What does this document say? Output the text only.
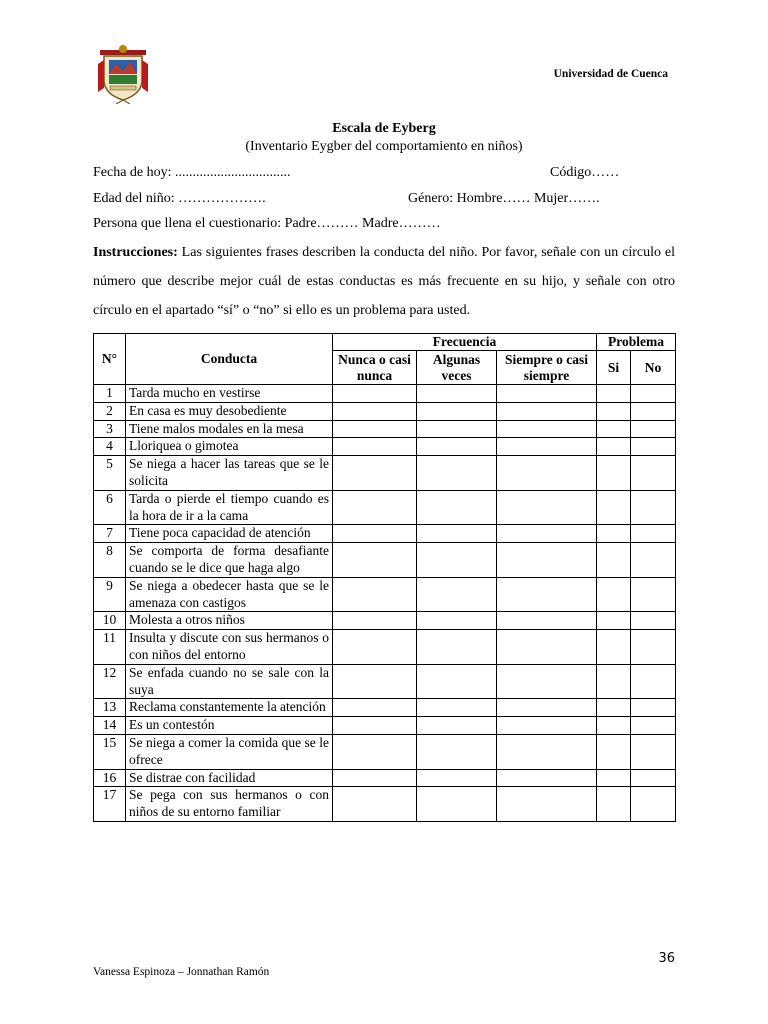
Universidad de Cuenca
Escala de Eyberg
(Inventario Eygber del comportamiento en niños)
Fecha de hoy: .................................	Código……
Edad del niño: ……………….	Género: Hombre…… Mujer…….
Persona que llena el cuestionario: Padre……… Madre………
Instrucciones: Las siguientes frases describen la conducta del niño. Por favor, señale con un círculo el número que describe mejor cuál de estas conductas es más frecuente en su hijo, y señale con otro círculo en el apartado “sí” o “no” si ello es un problema para usted.
N°	Conducta	Frecuencia			Problema	
		Nunca o casi nunca	Algunas veces	Siempre o casi siempre	Si	No
1	Tarda mucho en vestirse					
2	En casa es muy desobediente					
3	Tiene malos modales en la mesa					
4	Lloriquea o gimotea					
5	Se niega a hacer las tareas que se le solicita					
6	Tarda o pierde el tiempo cuando es la hora de ir a la cama					
7	Tiene poca capacidad de atención					
8	Se comporta de forma desafiante cuando se le dice que haga algo					
9	Se niega a obedecer hasta que se le amenaza con castigos					
10	Molesta a otros niños					
11	Insulta y discute con sus hermanos o con niños del entorno					
12	Se enfada cuando no se sale con la suya					
13	Reclama constantemente la atención					
14	Es un contestón					
15	Se niega a comer la comida que se le ofrece					
16	Se distrae con facilidad					
17	Se pega con sus hermanos o con niños de su entorno familiar					
36
Vanessa Espinoza – Jonnathan Ramón
